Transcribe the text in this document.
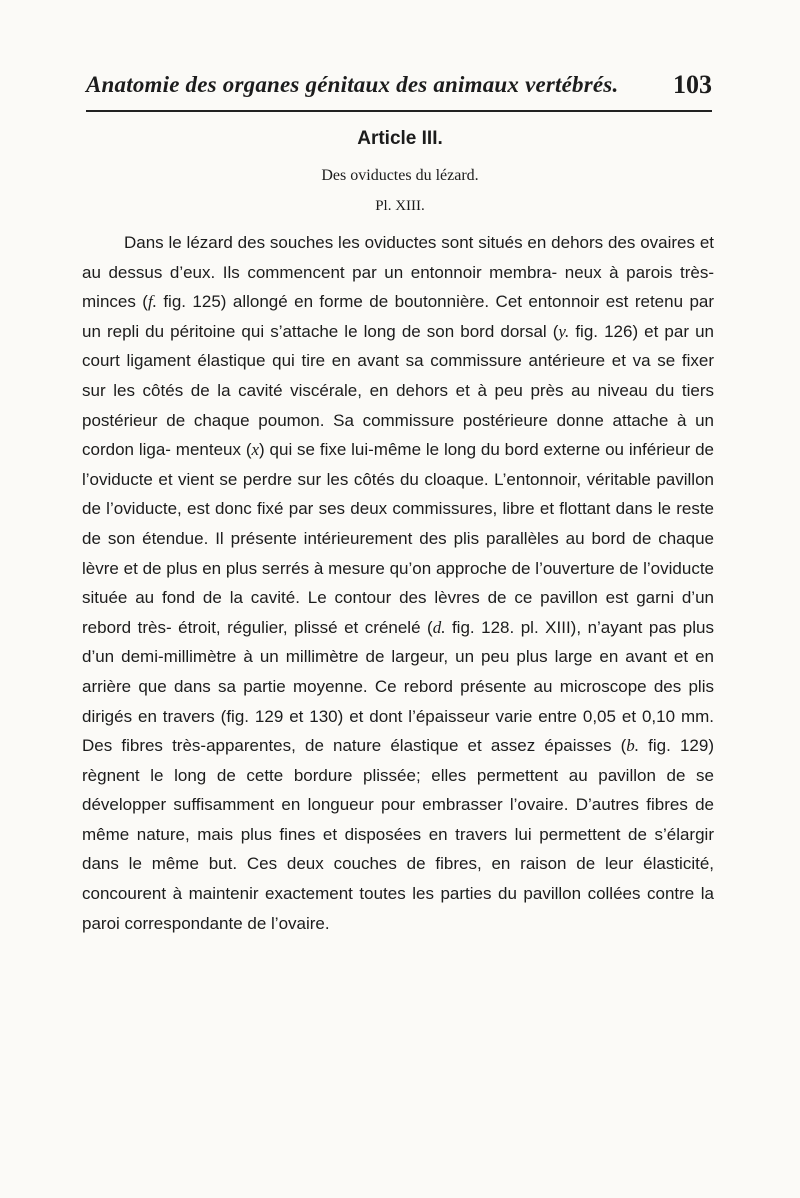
Anatomie des organes génitaux des animaux vertébrés. 103
Article III.
Des oviductes du lézard.
Pl. XIII.

Dans le lézard des souches les oviductes sont situés en dehors des ovaires et au dessus d’eux. Ils commencent par un entonnoir membra- neux à parois très-minces (f. fig. 125) allongé en forme de boutonnière. Cet entonnoir est retenu par un repli du péritoine qui s’attache le long de son bord dorsal (y. fig. 126) et par un court ligament élastique qui tire en avant sa commissure antérieure et va se fixer sur les côtés de la cavité viscérale, en dehors et à peu près au niveau du tiers postérieur de chaque poumon. Sa commissure postérieure donne attache à un cordon liga- menteux (x) qui se fixe lui-même le long du bord externe ou inférieur de l’oviducte et vient se perdre sur les côtés du cloaque. L’entonnoir, véritable pavillon de l’oviducte, est donc fixé par ses deux commissures, libre et flottant dans le reste de son étendue. Il présente intérieurement des plis parallèles au bord de chaque lèvre et de plus en plus serrés à mesure qu’on approche de l’ouverture de l’oviducte située au fond de la cavité. Le contour des lèvres de ce pavillon est garni d’un rebord très- étroit, régulier, plissé et crénelé (d. fig. 128. pl. XIII), n’ayant pas plus d’un demi-millimètre à un millimètre de largeur, un peu plus large en avant et en arrière que dans sa partie moyenne. Ce rebord présente au microscope des plis dirigés en travers (fig. 129 et 130) et dont l’épaisseur varie entre 0,05 et 0,10 mm. Des fibres très-apparentes, de nature élastique et assez épaisses (b. fig. 129) règnent le long de cette bordure plissée; elles permettent au pavillon de se développer suffisamment en longueur pour embrasser l’ovaire. D’autres fibres de même nature, mais plus fines et disposées en travers lui permettent de s’élargir dans le même but. Ces deux couches de fibres, en raison de leur élasticité, concourent à maintenir exactement toutes les parties du pavillon collées contre la paroi correspondante de l’ovaire.
